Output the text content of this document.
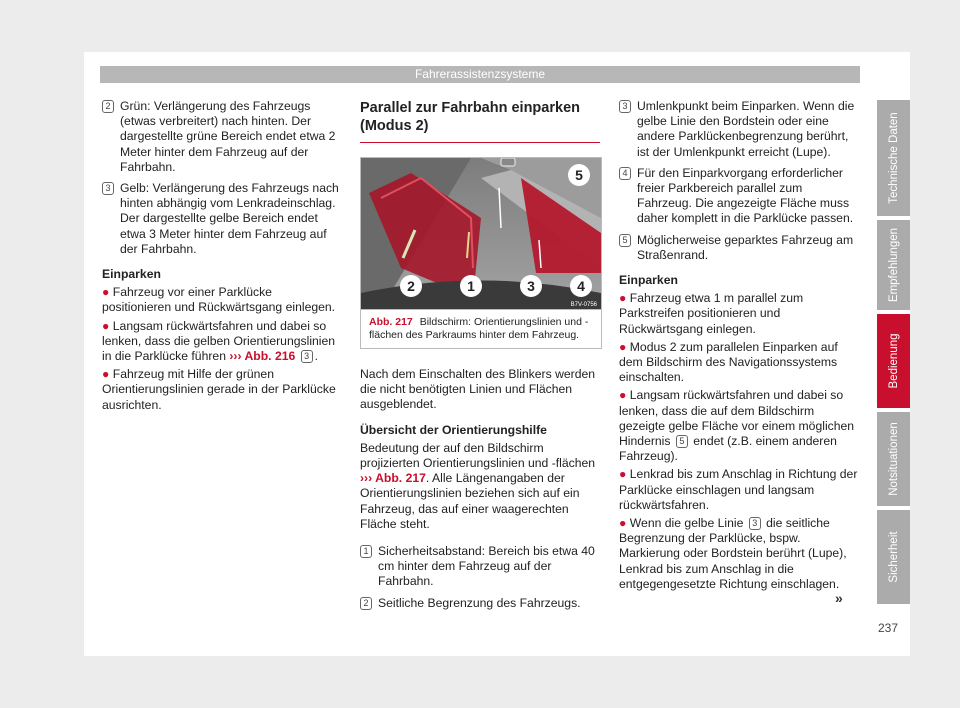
Fahrerassistenzsysteme
2 Grün: Verlängerung des Fahrzeugs (etwas verbreitert) nach hinten. Der dargestellte grüne Bereich endet etwa 2 Meter hinter dem Fahrzeug auf der Fahrbahn.
3 Gelb: Verlängerung des Fahrzeugs nach hinten abhängig vom Lenkradeinschlag. Der dargestellte gelbe Bereich endet etwa 3 Meter hinter dem Fahrzeug auf der Fahrbahn.
Einparken
● Fahrzeug vor einer Parklücke positionieren und Rückwärtsgang einlegen.
● Langsam rückwärtsfahren und dabei so lenken, dass die gelben Orientierungslinien in die Parklücke führen ››› Abb. 216 3 .
● Fahrzeug mit Hilfe der grünen Orientierungslinien gerade in der Parklücke ausrichten.
Parallel zur Fahrbahn einparken (Modus 2)
5
2	1	3	4
B7V-0756
Abb. 217 Bildschirm: Orientierungslinien und -flächen des Parkraums hinter dem Fahrzeug.
Nach dem Einschalten des Blinkers werden die nicht benötigten Linien und Flächen ausgeblendet.
Übersicht der Orientierungshilfe
Bedeutung der auf den Bildschirm projizierten Orientierungslinien und -flächen ››› Abb. 217. Alle Längenangaben der Orientierungslinien beziehen sich auf ein Fahrzeug, das auf einer waagerechten Fläche steht.
1 Sicherheitsabstand: Bereich bis etwa 40 cm hinter dem Fahrzeug auf der Fahrbahn.
2 Seitliche Begrenzung des Fahrzeugs.
3 Umlenkpunkt beim Einparken. Wenn die gelbe Linie den Bordstein oder eine andere Parklückenbegrenzung berührt, ist der Umlenkpunkt erreicht (Lupe).
4 Für den Einparkvorgang erforderlicher freier Parkbereich parallel zum Fahrzeug. Die angezeigte Fläche muss daher komplett in die Parklücke passen.
5 Möglicherweise geparktes Fahrzeug am Straßenrand.
Einparken
● Fahrzeug etwa 1 m parallel zum Parkstreifen positionieren und Rückwärtsgang einlegen.
● Modus 2 zum parallelen Einparken auf dem Bildschirm des Navigationssystems einschalten.
● Langsam rückwärtsfahren und dabei so lenken, dass die auf dem Bildschirm gezeigte gelbe Fläche vor einem möglichen Hindernis 5 endet (z.B. einem anderen Fahrzeug).
● Lenkrad bis zum Anschlag in Richtung der Parklücke einschlagen und langsam rückwärtsfahren.
● Wenn die gelbe Linie 3 die seitliche Begrenzung der Parklücke, bspw. Markierung oder Bordstein berührt (Lupe), Lenkrad bis zum Anschlag in die entgegengesetzte Richtung einschlagen.
»
237
Technische Daten
Empfehlungen
Bedienung
Notsituationen
Sicherheit
